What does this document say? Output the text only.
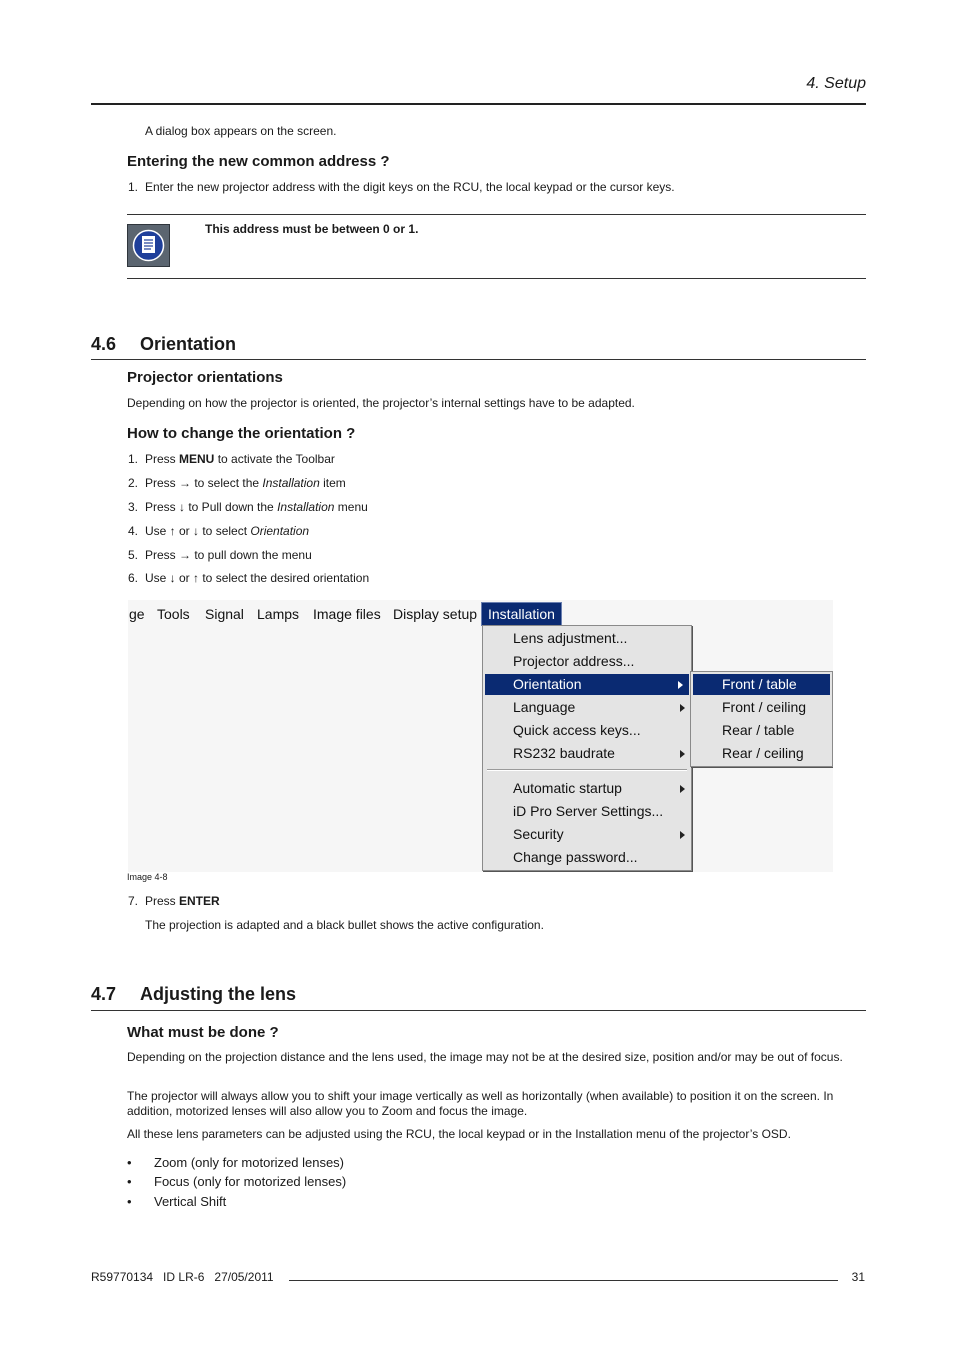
4. Setup
A dialog box appears on the screen.
Entering the new common address ?
1. Enter the new projector address with the digit keys on the RCU, the local keypad or the cursor keys.
This address must be between 0 or 1.
4.6 Orientation
Projector orientations
Depending on how the projector is oriented, the projector’s internal settings have to be adapted.
How to change the orientation ?
1. Press MENU to activate the Toolbar
2. Press → to select the Installation item
3. Press ↓ to Pull down the Installation menu
4. Use ↑ or ↓ to select Orientation
5. Press → to pull down the menu
6. Use ↓ or ↑ to select the desired orientation
ge Tools Signal Lamps Image files Display setup Installation
Lens adjustment...
Projector address...
Orientation
Language
Quick access keys...
RS232 baudrate
Automatic startup
iD Pro Server Settings...
Security
Change password...
Front / table
Front / ceiling
Rear / table
Rear / ceiling
Image 4-8
7. Press ENTER
The projection is adapted and a black bullet shows the active configuration.
4.7 Adjusting the lens
What must be done ?
Depending on the projection distance and the lens used, the image may not be at the desired size, position and/or may be out of focus.
The projector will always allow you to shift your image vertically as well as horizontally (when available) to position it on the screen. In addition, motorized lenses will also allow you to Zoom and focus the image.
All these lens parameters can be adjusted using the RCU, the local keypad or in the Installation menu of the projector’s OSD.
• Zoom (only for motorized lenses)
• Focus (only for motorized lenses)
• Vertical Shift
R59770134   ID LR-6   27/05/2011	31
